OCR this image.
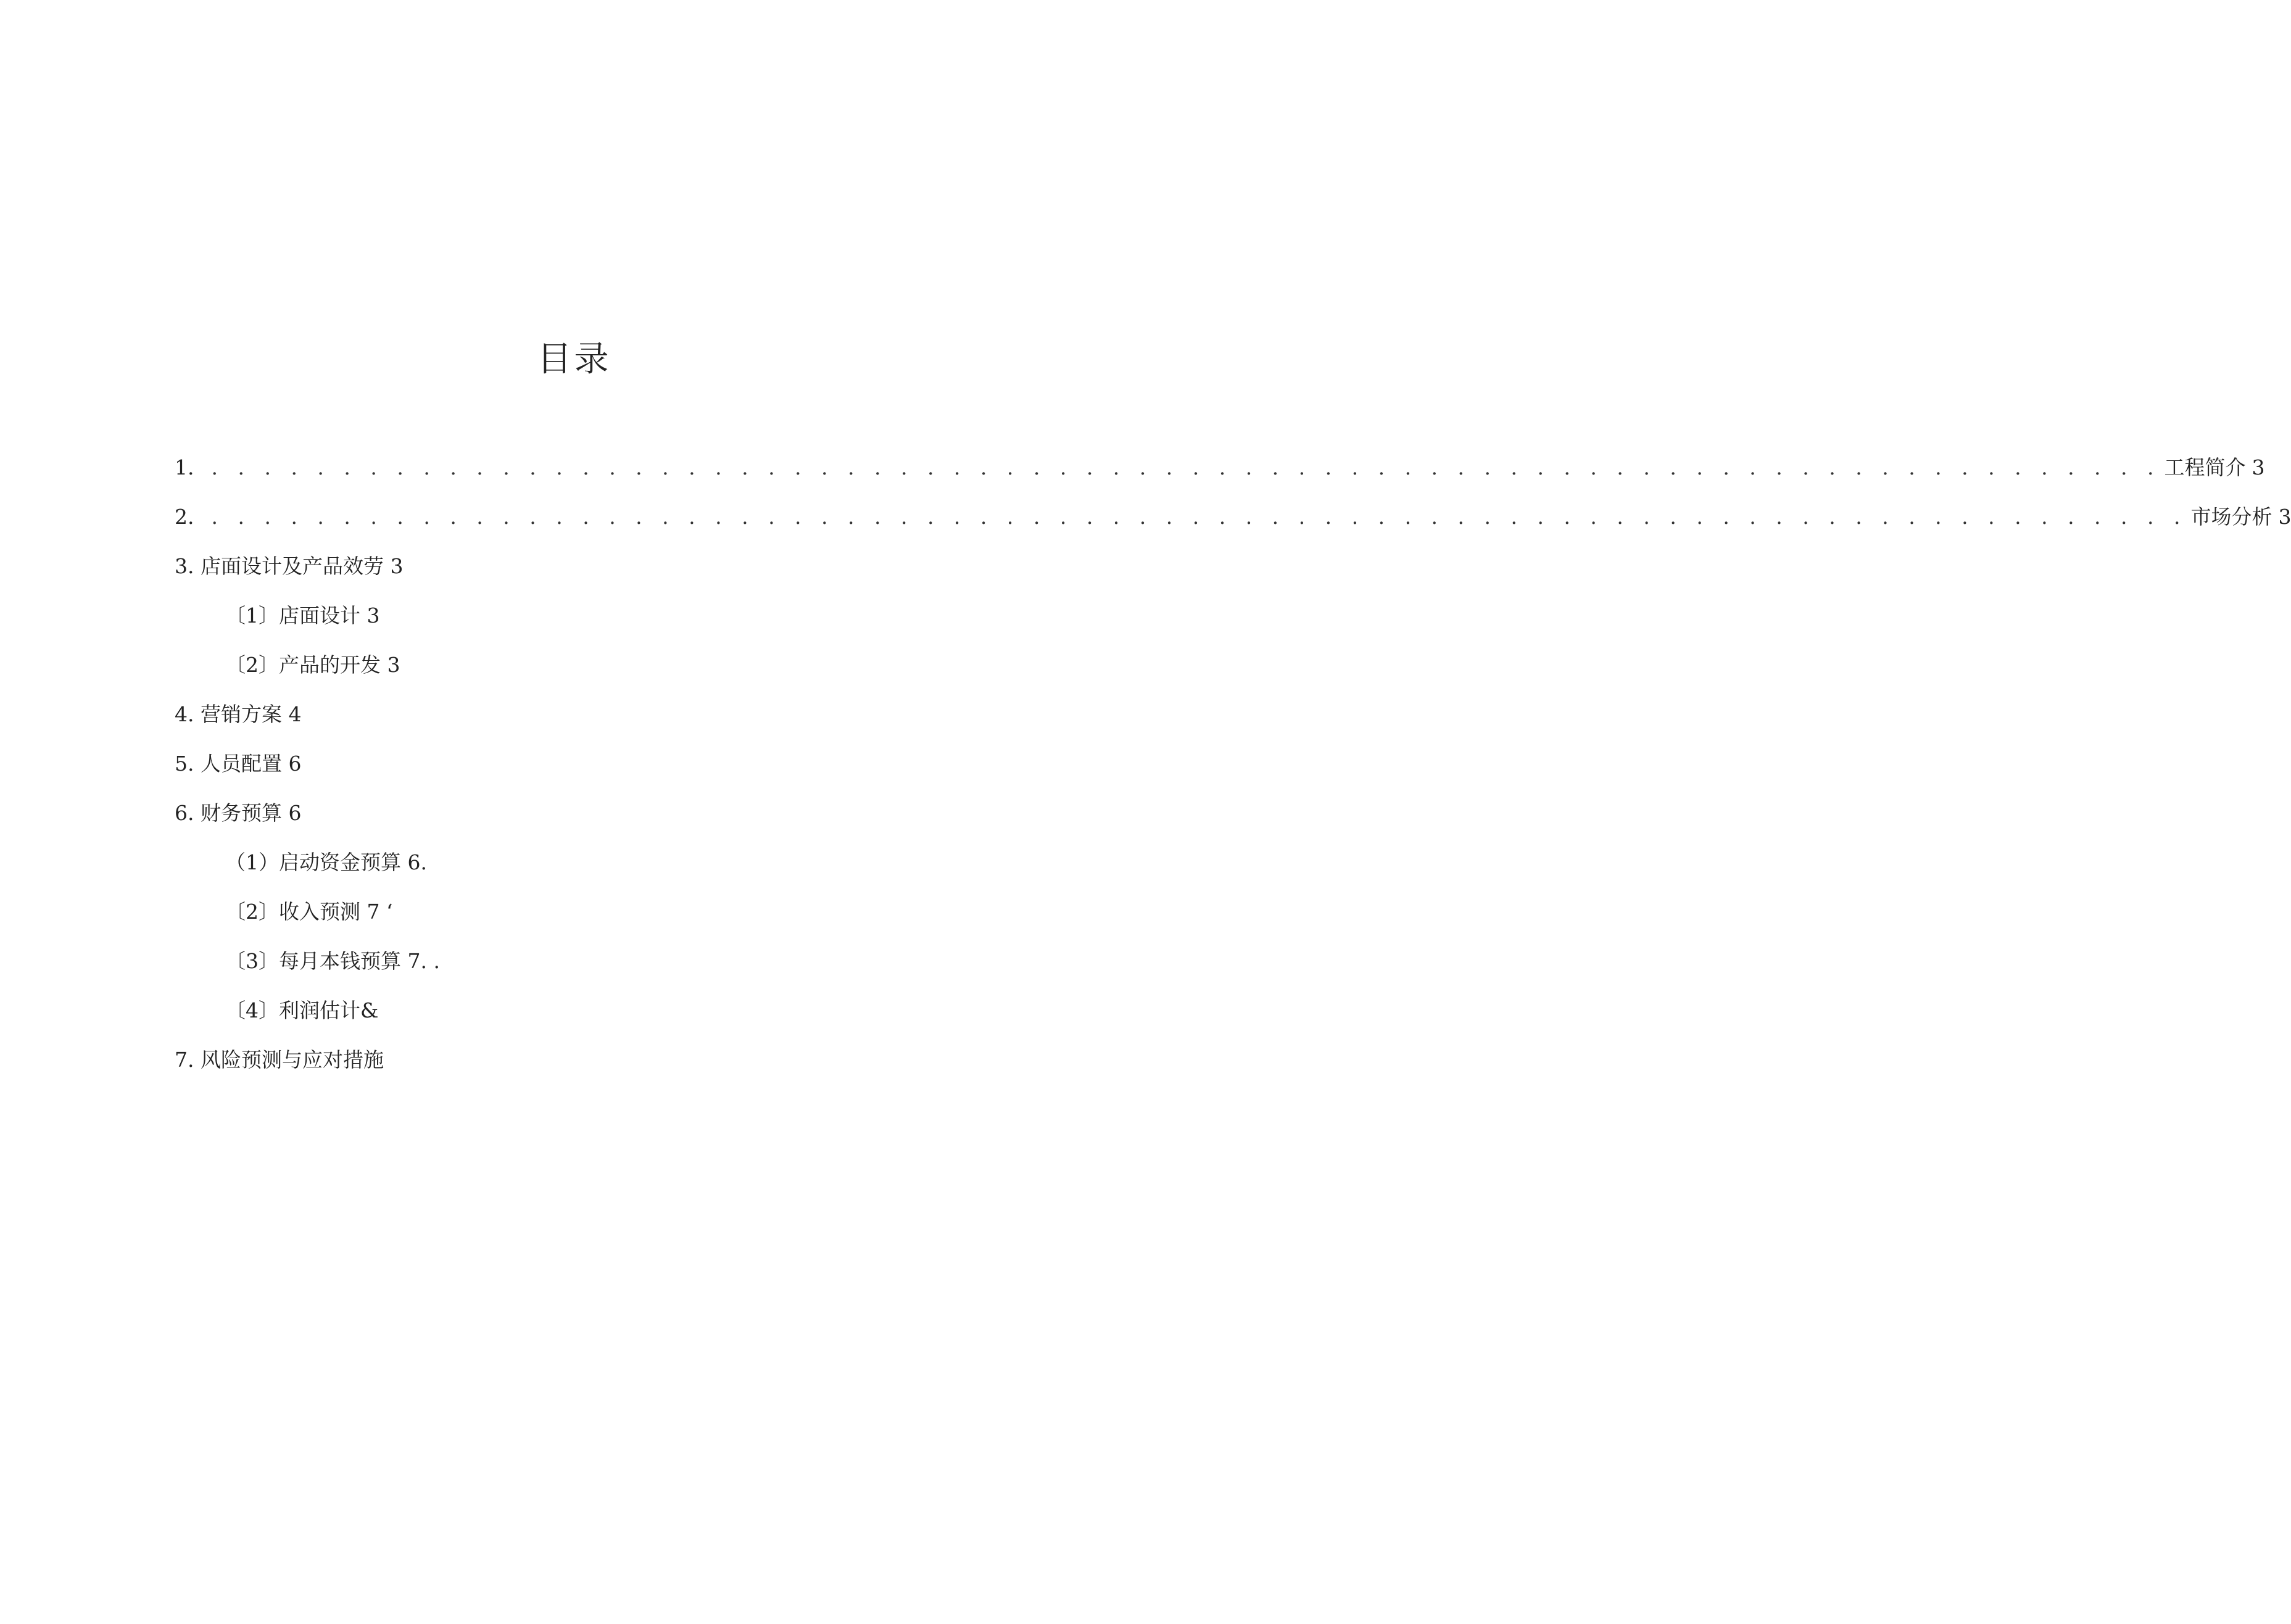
目录
1. . . . . . . . . . . . . . . . . . . . . . . . . . . . . . . . . . . . . . . . . . . . . . . . . . . . . . . . . . . . . . . . . . . . . . . . . . . 工程简介 3
2. . . . . . . . . . . . . . . . . . . . . . . . . . . . . . . . . . . . . . . . . . . . . . . . . . . . . . . . . . . . . . . . . . . . . . . . . . . . 市场分析 3
3. 店面设计及产品效劳 3
〔1〕店面设计 3
〔2〕产品的开发 3
4. 营销方案 4
5. 人员配置 6
6. 财务预算 6
（1）启动资金预算 6.
〔2〕收入预测 7 ‘
〔3〕每月本钱预算 7. .
〔4〕利润估计&
7. 风险预测与应对措施
